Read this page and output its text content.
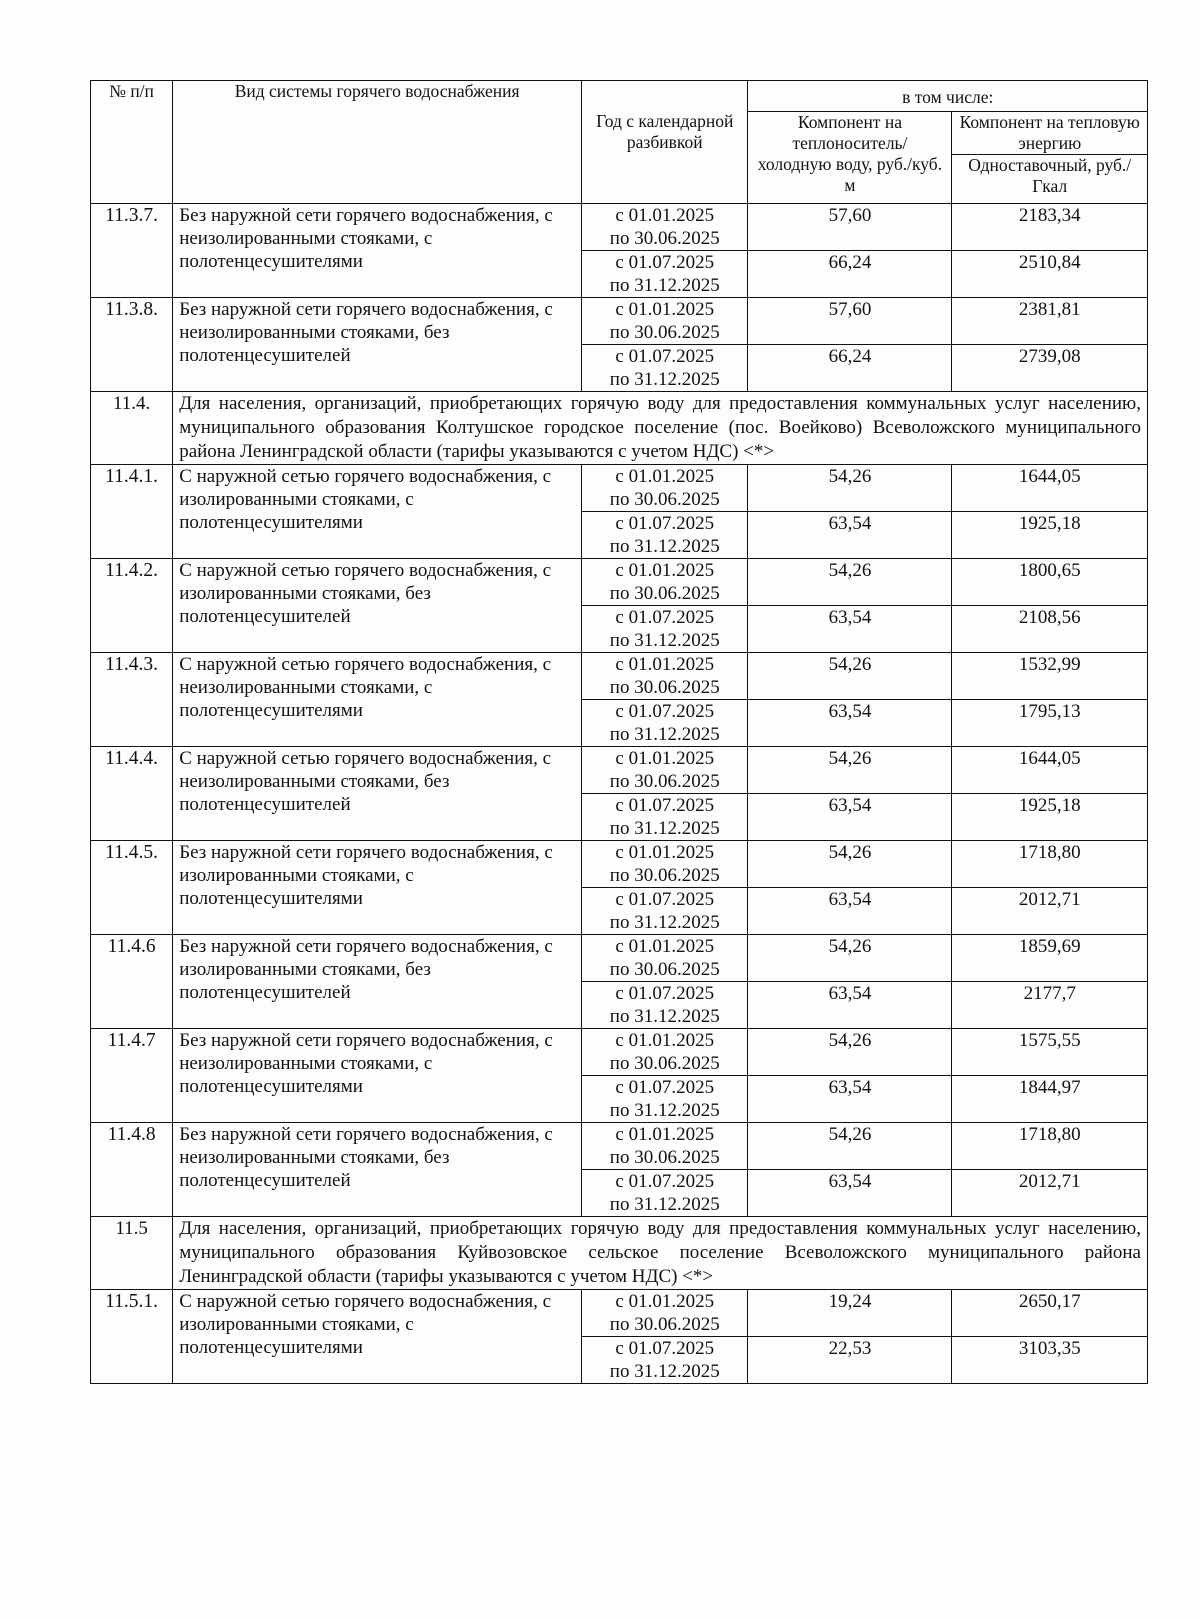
№ п/п	Вид системы горячего водоснабжения	Год с календарной разбивкой	в том числе:	

			Компонент на теплоноситель/ холодную воду, руб./куб. м	Компонент на тепловую энергию
				Одноставочный, руб./Гкал
11.3.7.	Без наружной сети горячего водоснабжения, с неизолированными стояками, с полотенцесушителями	с 01.01.2025
по 30.06.2025	57,60	2183,34

		с 01.07.2025
по 31.12.2025	66,24	2510,84
11.3.8.	Без наружной сети горячего водоснабжения, с неизолированными стояками, без полотенцесушителей	с 01.01.2025
по 30.06.2025	57,60	2381,81

		с 01.07.2025
по 31.12.2025	66,24	2739,08
11.4.	Для населения, организаций, приобретающих горячую воду для предоставления коммунальных услуг населению, муниципального образования Колтушское городское поселение (пос. Воейково) Всеволожского муниципального района Ленинградской области (тарифы указываются с учетом НДС) <*>			
11.4.1.	С наружной сетью горячего водоснабжения, с изолированными стояками, с полотенцесушителями	с 01.01.2025
по 30.06.2025	54,26	1644,05

		с 01.07.2025
по 31.12.2025	63,54	1925,18
11.4.2.	С наружной сетью горячего водоснабжения, с изолированными стояками, без полотенцесушителей	с 01.01.2025
по 30.06.2025	54,26	1800,65

		с 01.07.2025
по 31.12.2025	63,54	2108,56
11.4.3.	С наружной сетью горячего водоснабжения, с неизолированными стояками, с полотенцесушителями	с 01.01.2025
по 30.06.2025	54,26	1532,99

		с 01.07.2025
по 31.12.2025	63,54	1795,13
11.4.4.	С наружной сетью горячего водоснабжения, с неизолированными стояками, без полотенцесушителей	с 01.01.2025
по 30.06.2025	54,26	1644,05

		с 01.07.2025
по 31.12.2025	63,54	1925,18
11.4.5.	Без наружной сети горячего водоснабжения, с изолированными стояками, с полотенцесушителями	с 01.01.2025
по 30.06.2025	54,26	1718,80

		с 01.07.2025
по 31.12.2025	63,54	2012,71
11.4.6	Без наружной сети горячего водоснабжения, с изолированными стояками, без полотенцесушителей	с 01.01.2025
по 30.06.2025	54,26	1859,69

		с 01.07.2025
по 31.12.2025	63,54	2177,7
11.4.7	Без наружной сети горячего водоснабжения, с неизолированными стояками, с полотенцесушителями	с 01.01.2025
по 30.06.2025	54,26	1575,55

		с 01.07.2025
по 31.12.2025	63,54	1844,97
11.4.8	Без наружной сети горячего водоснабжения, с неизолированными стояками, без полотенцесушителей	с 01.01.2025
по 30.06.2025	54,26	1718,80

		с 01.07.2025
по 31.12.2025	63,54	2012,71
11.5	Для населения, организаций, приобретающих горячую воду для предоставления коммунальных услуг населению, муниципального образования Куйвозовское сельское поселение Всеволожского муниципального района Ленинградской области (тарифы указываются с учетом НДС) <*>			
11.5.1.	С наружной сетью горячего водоснабжения, с изолированными стояками, с полотенцесушителями	с 01.01.2025
по 30.06.2025	19,24	2650,17

		с 01.07.2025
по 31.12.2025	22,53	3103,35
